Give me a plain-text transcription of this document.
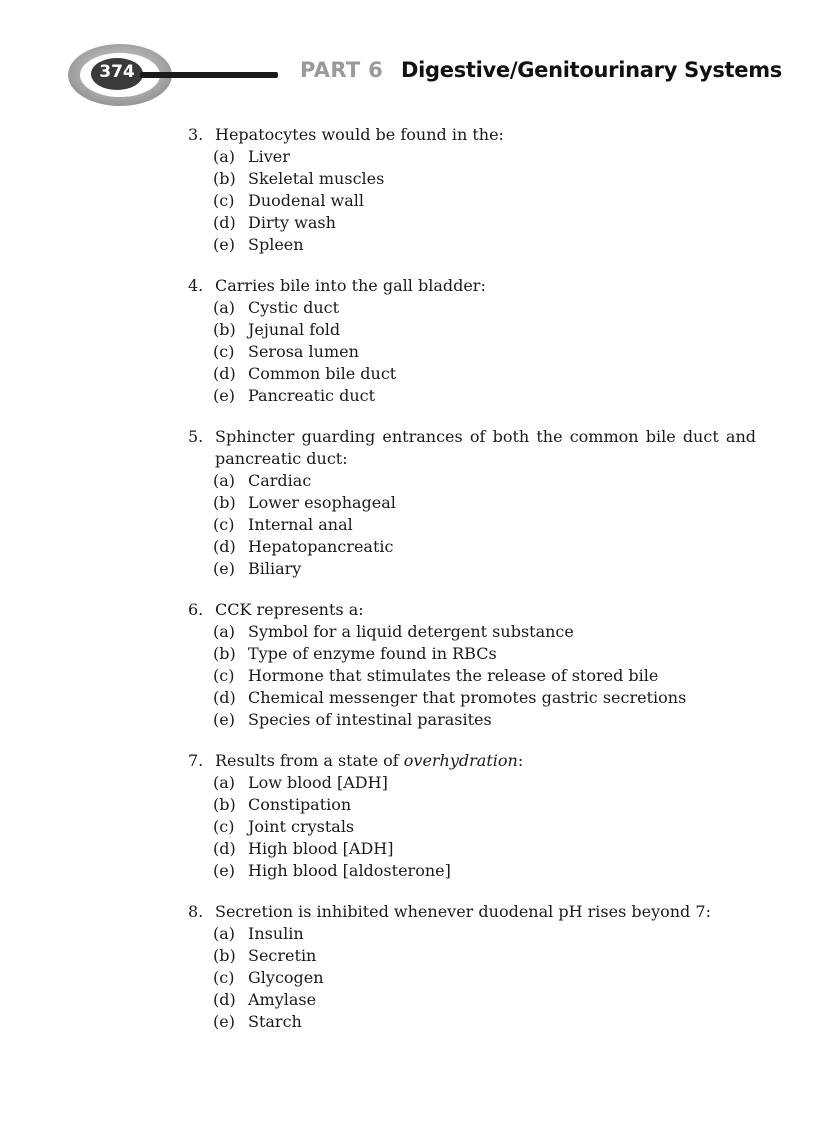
374	PART 6 Digestive/Genitourinary Systems
3. Hepatocytes would be found in the:
(a) Liver
(b) Skeletal muscles
(c) Duodenal wall
(d) Dirty wash
(e) Spleen
4. Carries bile into the gall bladder:
(a) Cystic duct
(b) Jejunal fold
(c) Serosa lumen
(d) Common bile duct
(e) Pancreatic duct
5. Sphincter guarding entrances of both the common bile duct and pancreatic duct:
(a) Cardiac
(b) Lower esophageal
(c) Internal anal
(d) Hepatopancreatic
(e) Biliary
6. CCK represents a:
(a) Symbol for a liquid detergent substance
(b) Type of enzyme found in RBCs
(c) Hormone that stimulates the release of stored bile
(d) Chemical messenger that promotes gastric secretions
(e) Species of intestinal parasites
7. Results from a state of overhydration:
(a) Low blood [ADH]
(b) Constipation
(c) Joint crystals
(d) High blood [ADH]
(e) High blood [aldosterone]
8. Secretion is inhibited whenever duodenal pH rises beyond 7:
(a) Insulin
(b) Secretin
(c) Glycogen
(d) Amylase
(e) Starch
